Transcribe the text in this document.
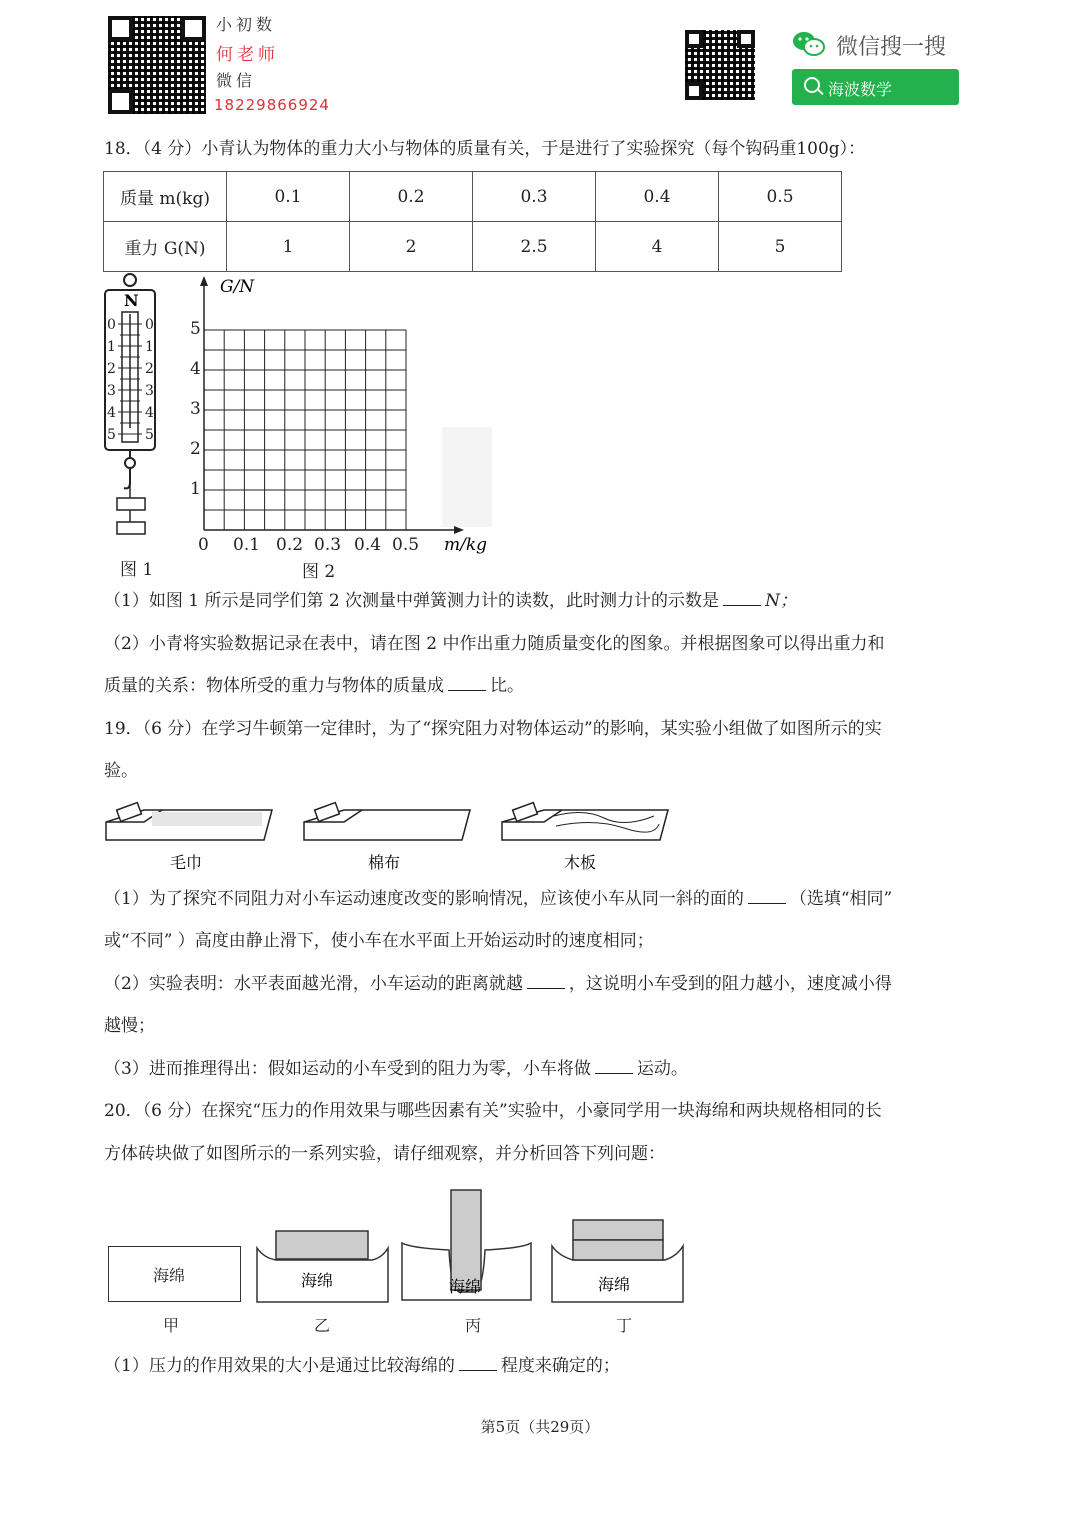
小初数
何老师
微信
18229866924
微信搜一搜
海波数学
18．（4 分）小青认为物体的重力大小与物体的质量有关，于是进行了实验探究（每个钩码重100g）：
质量 m(kg)	0.1	0.2	0.3	0.4	0.5
重力 G(N)	1	2	2.5	4	5
N
0 0
1 1
2 2
3 3
4 4
5 5
图 1
G/N
m/kg
5
4
3
2
1
0 0.1 0.2 0.3 0.4 0.5
图 2
（1）如图 1 所示是同学们第 2 次测量中弹簧测力计的读数，此时测力计的示数是	N；
（2）小青将实验数据记录在表中，请在图 2 中作出重力随质量变化的图象。并根据图象可以得出重力和
质量的关系：物体所受的重力与物体的质量成	比。
19．（6 分）在学习牛顿第一定律时，为了“探究阻力对物体运动”的影响，某实验小组做了如图所示的实
验。
毛巾	棉布	木板
（1）为了探究不同阻力对小车运动速度改变的影响情况，应该使小车从同一斜的面的	（选填“相同”
或“不同” ）高度由静止滑下，使小车在水平面上开始运动时的速度相同；
（2）实验表明：水平表面越光滑，小车运动的距离就越	，这说明小车受到的阻力越小，速度减小得
越慢；
（3）进而推理得出：假如运动的小车受到的阻力为零，小车将做	运动。
20．（6 分）在探究“压力的作用效果与哪些因素有关”实验中，小豪同学用一块海绵和两块规格相同的长
方体砖块做了如图所示的一系列实验，请仔细观察，并分析回答下列问题：
海绵	海绵	海绵	海绵
甲	乙	丙	丁
（1）压力的作用效果的大小是通过比较海绵的	程度来确定的；
第5页（共29页）
